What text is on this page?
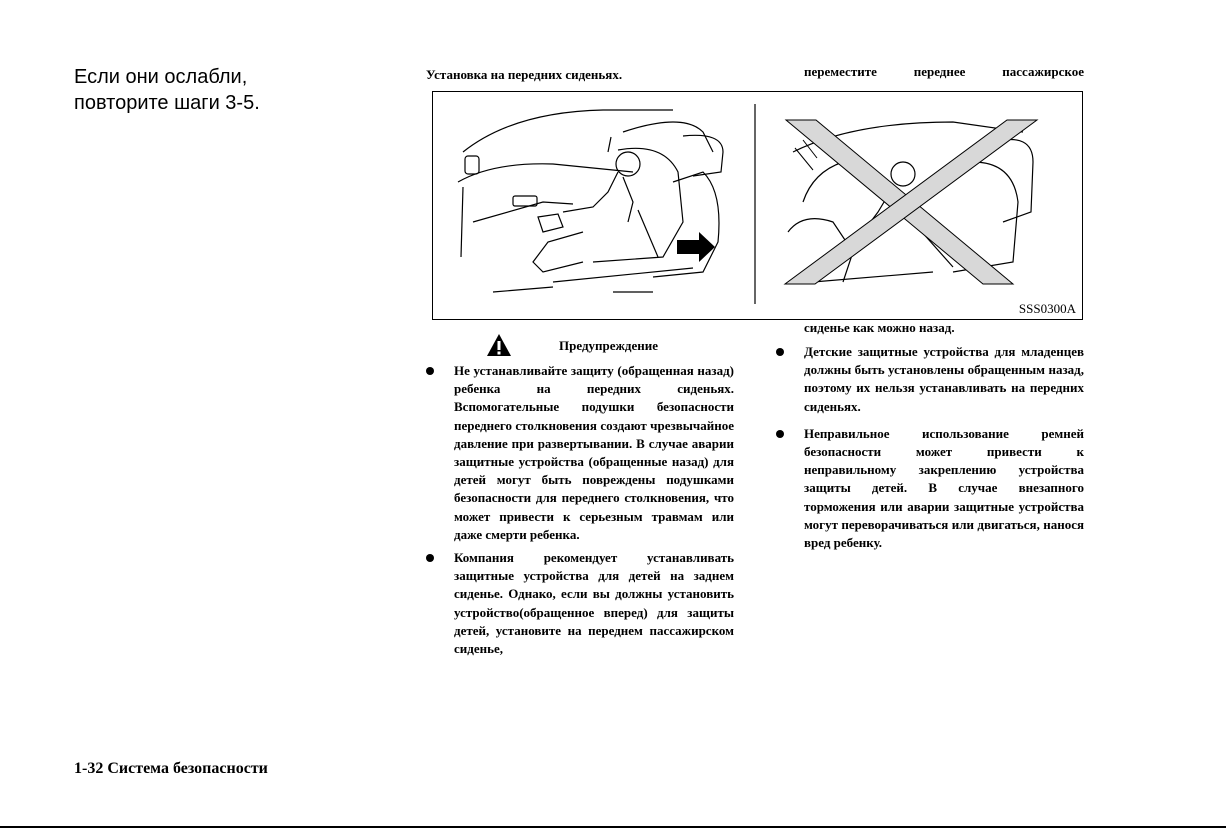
Если они ослабли,
повторите шаги 3-5.
Установка на передних сиденьях.	переместите переднее пассажирское
SSS0300A
сиденье как можно назад.
Предупреждение
Не устанавливайте защиту (обращенная назад) ребенка на передних сиденьях. Вспомогательные подушки безопасности переднего столкновения создают чрезвычайное давление при развертывании. В случае аварии защитные устройства (обращенные назад) для детей могут быть повреждены подушками безопасности для переднего столкновения, что может привести к серьезным травмам или даже смерти ребенка.
Компания рекомендует устанавливать защитные устройства для детей на заднем сиденье. Однако, если вы должны установить устройство(обращенное вперед) для защиты детей, установите на переднем пассажирском сиденье,
Детские защитные устройства для младенцев должны быть установлены обращенным назад, поэтому их нельзя устанавливать на передних сиденьях.
Неправильное использование ремней безопасности может привести к неправильному закреплению устройства защиты детей. В случае внезапного торможения или аварии защитные устройства могут переворачиваться или двигаться, нанося вред ребенку.
1-32 Система безопасности
